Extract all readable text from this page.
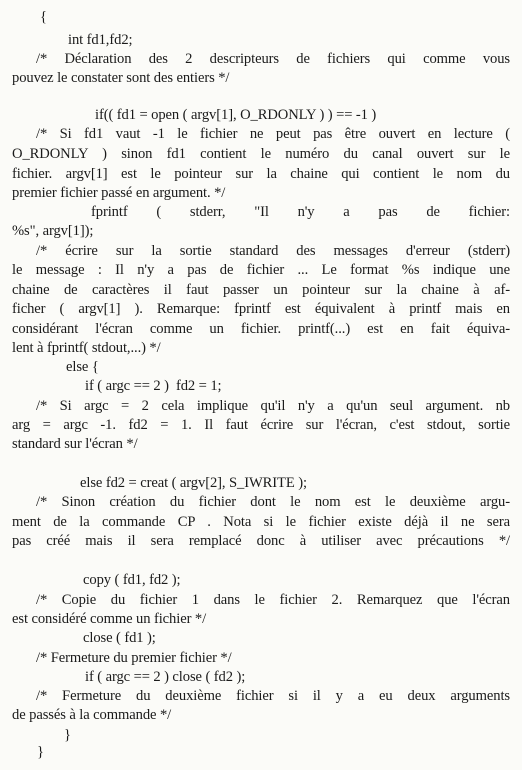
{
int fd1,fd2;
/* Déclaration des 2 descripteurs de fichiers qui comme vous
pouvez le constater sont des entiers */
if(( fd1 = open ( argv[1], O_RDONLY ) ) == -1 )
/* Si fd1 vaut -1 le fichier ne peut pas être ouvert en lecture (
O_RDONLY ) sinon fd1 contient le numéro du canal ouvert sur le
fichier. argv[1] est le pointeur sur la chaine qui contient le nom du
premier fichier passé en argument. */
fprintf ( stderr, "Il n'y a pas de fichier:
%s", argv[1]);
/* écrire sur la sortie standard des messages d'erreur (stderr)
le message : Il n'y a pas de fichier ... Le format %s indique une
chaine de caractères il faut passer un pointeur sur la chaine à af-
ficher ( argv[1] ). Remarque: fprintf est équivalent à printf mais en
considérant l'écran comme un fichier. printf(...) est en fait équiva-
lent à fprintf( stdout,...) */
else {
if ( argc == 2 )  fd2 = 1;
/* Si argc = 2 cela implique qu'il n'y a qu'un seul argument. nb
arg = argc -1. fd2 = 1. Il faut écrire sur l'écran, c'est stdout, sortie
standard sur l'écran */
else fd2 = creat ( argv[2], S_IWRITE );
/* Sinon création du fichier dont le nom est le deuxième argu-
ment de la commande CP . Nota si le fichier existe déjà il ne sera
pas créé mais il sera remplacé donc à utiliser avec précautions */
copy ( fd1, fd2 );
/* Copie du fichier 1 dans le fichier 2. Remarquez que l'écran
est considéré comme un fichier */
close ( fd1 );
/* Fermeture du premier fichier */
if ( argc == 2 ) close ( fd2 );
/* Fermeture du deuxième fichier si il y a eu deux arguments
de passés à la commande */
}
}
